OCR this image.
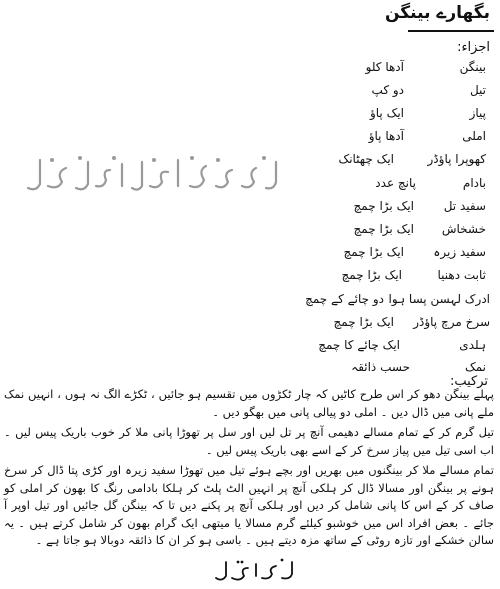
بگھارے بینگن
اجزاء:
بینگن
آدھا کلو
تیل
دو کپ
پیاز
ایک پاؤ
املی
آدھا پاؤ
کھوپرا پاؤڈر
ایک چھٹانک
بادام
پانچ عدد
سفید تل
ایک بڑا چمچ
خشخاش
ایک بڑا چمچ
سفید زیرہ
ایک بڑا چمچ
ثابت دھنیا
ایک بڑا چمچ
ادرک لہسن پسا ہوا
دو چائے کے چمچ
سرخ مرچ پاؤڈر
ایک بڑا چمچ
ہلدی
ایک چائے کا چمچ
نمک
حسب ذائقہ
ترکیب:

پہلے بینگن دھو کر اس طرح کاٹیں کہ چار ٹکڑوں میں تقسیم ہو جائیں ، ٹکڑے الگ نہ ہوں ، انہیں نمک ملے پانی میں ڈال دیں ۔ املی دو پیالی پانی میں بھگو دیں ۔

تیل گرم کر کے تمام مسالے دھیمی آنچ پر تل لیں اور سل پر تھوڑا پانی ملا کر خوب باریک پیس لیں ۔ اب اسی تیل میں پیاز سرخ کر کے اسے بھی باریک پیس لیں ۔

تمام مسالے ملا کر بینگنوں میں بھریں اور بچے ہوئے تیل میں تھوڑا سفید زیرہ اور کڑی پتا ڈال کر سرخ ہونے پر بینگن اور مسالا ڈال کر ہلکی آنچ پر انہیں الٹ پلٹ کر ہلکا بادامی رنگ کا بھون کر املی کو صاف کر کے اس کا پانی شامل کر دیں اور ہلکی آنچ پر پکنے دیں تا کہ بینگن گل جائیں اور تیل اوپر آ جائے ۔ بعض افراد اس میں خوشبو کیلئے گرم مسالا یا میتھی ایک گرام بھون کر شامل کرتے ہیں ۔ یہ سالن خشکے اور تازہ روٹی کے ساتھ مزہ دیتے ہیں ۔ باسی ہو کر ان کا ذائقہ دوبالا ہو جاتا ہے ۔
